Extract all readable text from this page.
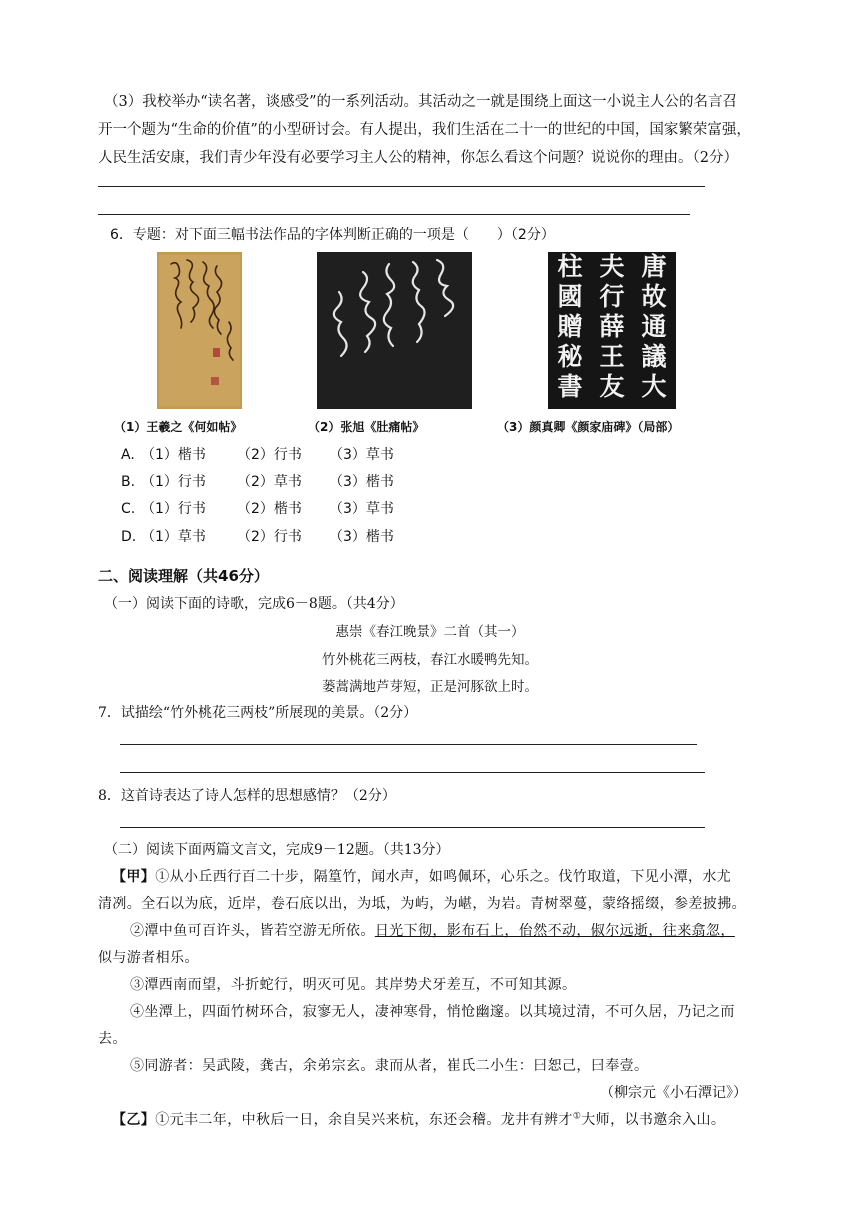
（3）我校举办“读名著，谈感受”的一系列活动。其活动之一就是围绕上面这一小说主人公的名言召
开一个题为“生命的价值”的小型研讨会。有人提出，我们生活在二十一的世纪的中国，国家繁荣富强，
人民生活安康，我们青少年没有必要学习主人公的精神，你怎么看这个问题？说说你的理由。（2分）
6．专题：对下面三幅书法作品的字体判断正确的一项是（　　）（2分）
柱
國
贈
秘
書
夫
行
薛
王
友
唐
故
通
議
大
（1）王羲之《何如帖》	（2）张旭《肚痛帖》	（3）颜真卿《颜家庙碑》（局部）
A. （1）楷书 （2）行书 （3）草书
B. （1）行书 （2）草书 （3）楷书
C. （1）行书 （2）楷书 （3）草书
D. （1）草书 （2）行书 （3）楷书
二、阅读理解（共46分）
（一）阅读下面的诗歌，完成6－8题。（共4分）
惠崇《春江晚景》二首（其一）
竹外桃花三两枝，春江水暖鸭先知。
蒌蒿满地芦芽短，正是河豚欲上时。
7．试描绘“竹外桃花三两枝”所展现的美景。（2分）
8．这首诗表达了诗人怎样的思想感情？（2分）
（二）阅读下面两篇文言文，完成9－12题。（共13分）
【甲】①从小丘西行百二十步，隔篁竹，闻水声，如鸣佩环，心乐之。伐竹取道，下见小潭，水尤
清冽。全石以为底，近岸，卷石底以出，为坻，为屿，为嵁，为岩。青树翠蔓，蒙络摇缀，参差披拂。
②潭中鱼可百许头，皆若空游无所依。日光下彻，影布石上，佁然不动，俶尔远逝，往来翕忽，
似与游者相乐。
③潭西南而望，斗折蛇行，明灭可见。其岸势犬牙差互，不可知其源。
④坐潭上，四面竹树环合，寂寥无人，凄神寒骨，悄怆幽邃。以其境过清，不可久居，乃记之而
去。
⑤同游者：吴武陵，龚古，余弟宗玄。隶而从者，崔氏二小生：曰恕己，曰奉壹。
（柳宗元《小石潭记》）
【乙】①元丰二年，中秋后一日，余自吴兴来杭，东还会稽。龙井有辨才①大师，以书邀余入山。
